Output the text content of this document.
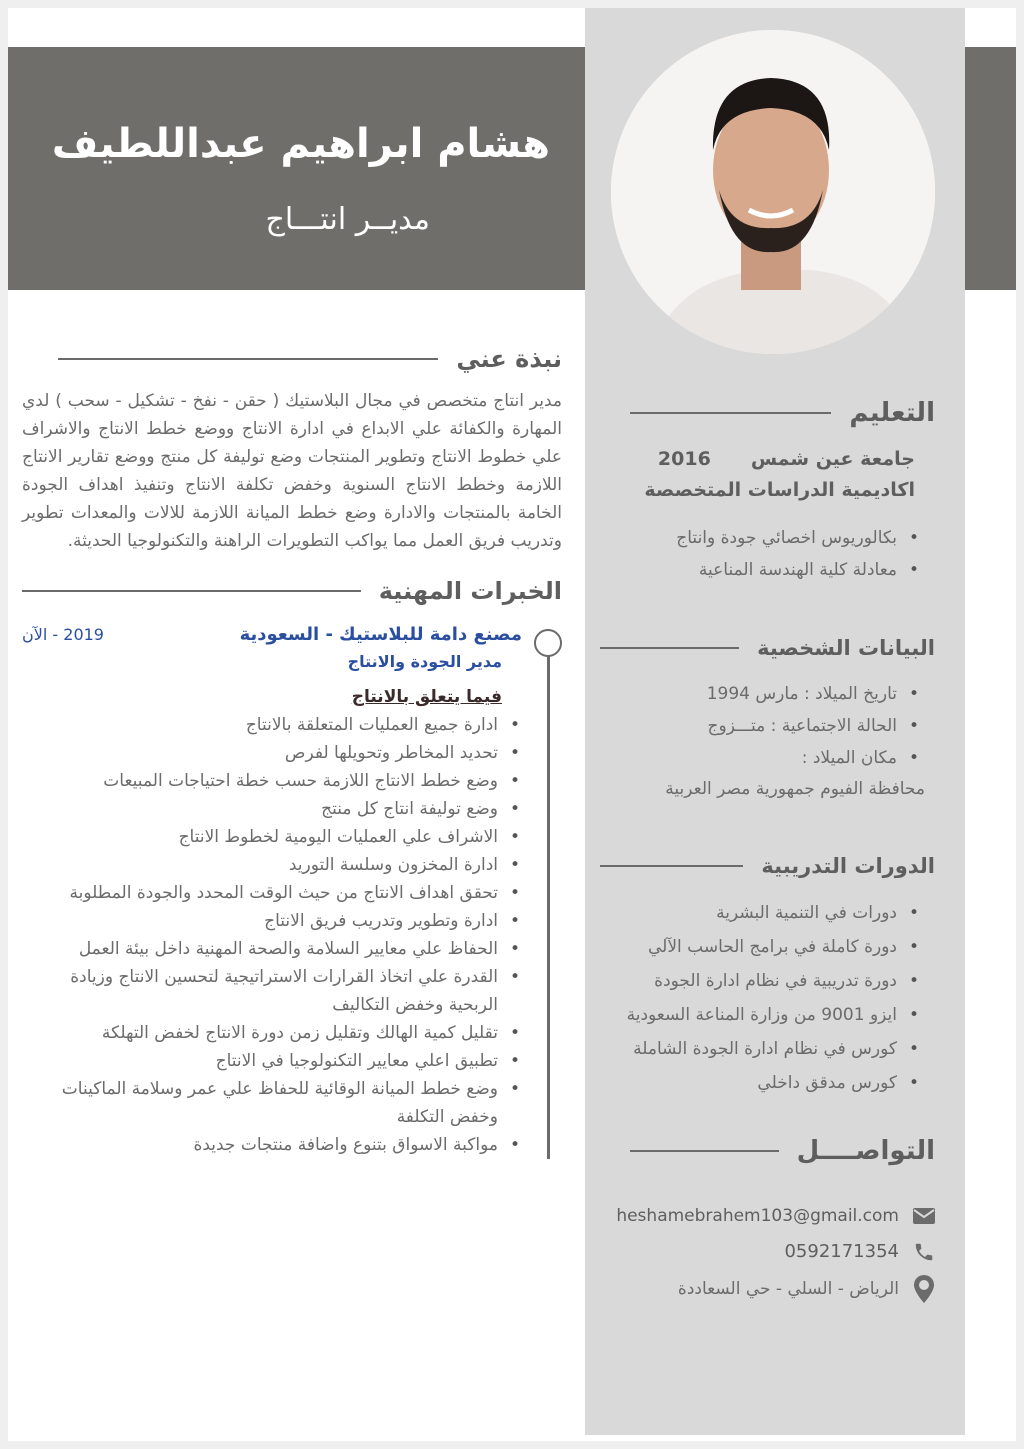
هشام ابراهيم عبداللطيف
مديــر انتـــاج
نبذة عني
مدير انتاج متخصص في مجال البلاستيك ( حقن - نفخ - تشكيل - سحب ) لدي المهارة والكفائة علي الابداع في ادارة الانتاج ووضع خطط الانتاج والاشراف علي خطوط الانتاج وتطوير المنتجات وضع توليفة كل منتج ووضع تقارير الانتاج اللازمة وخطط الانتاج السنوية وخفض تكلفة الانتاج وتنفيذ اهداف الجودة الخامة بالمنتجات والادارة وضع خطط الميانة اللازمة للالات والمعدات تطوير وتدريب فريق العمل مما يواكب التطويرات الراهنة والتكنولوجيا الحديثة.
الخبرات المهنية
مصنع دامة للبلاستيك - السعودية
مدير الجودة والانتاج
2019 - الآن
فيما يتعلق بالانتاج
• ادارة جميع العمليات المتعلقة بالانتاج
• تحديد المخاطر وتحويلها لفرص
• وضع خطط الانتاج اللازمة حسب خطة احتياجات المبيعات
• وضع توليفة انتاج كل منتج
• الاشراف علي العمليات اليومية لخطوط الانتاج
• ادارة المخزون وسلسة التوريد
• تحقق اهداف الانتاج من حيث الوقت المحدد والجودة المطلوبة
• ادارة وتطوير وتدريب فريق الانتاج
• الحفاظ علي معايير السلامة والصحة المهنية داخل بيئة العمل
• القدرة علي اتخاذ القرارات الاستراتيجية لتحسين الانتاج وزيادة الربحية وخفض التكاليف
• تقليل كمية الهالك وتقليل زمن دورة الانتاج لخفض التهلكة
• تطبيق اعلي معايير التكنولوجيا في الانتاج
• وضع خطط الميانة الوقائية للحفاظ علي عمر وسلامة الماكينات وخفض التكلفة
• مواكبة الاسواق بتنوع واضافة منتجات جديدة
التعليم
جامعة عين شمس
2016
اكاديمية الدراسات المتخصصة
• بكالوريوس اخصائي جودة وانتاج
• معادلة كلية الهندسة المناعية
البيانات الشخصية
• تاريخ الميلاد : مارس 1994
• الحالة الاجتماعية : متـــزوج
• مكان الميلاد :
محافظة الفيوم جمهورية مصر العربية
الدورات التدريبية
• دورات في التنمية البشرية
• دورة كاملة في برامج الحاسب الآلي
• دورة تدريبية في نظام ادارة الجودة
• ايزو 9001 من وزارة المناعة السعودية
• كورس في نظام ادارة الجودة الشاملة
• كورس مدقق داخلي
التواصــــل
heshamebrahem103@gmail.com
0592171354
الرياض - السلي - حي السعاددة
